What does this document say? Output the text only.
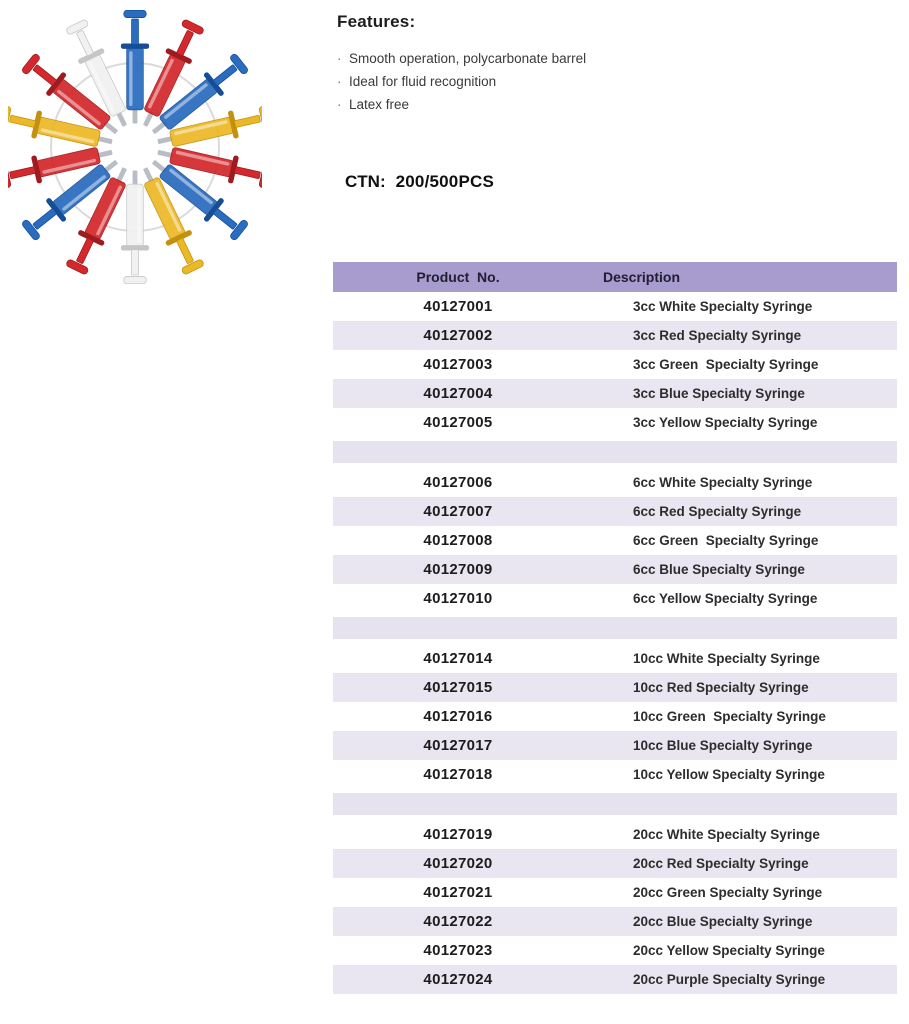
Features:
· Smooth operation, polycarbonate barrel
· Ideal for fluid recognition
· Latex free
CTN: 200/500PCS
Product  No.	Description
40127001	3cc White Specialty Syringe
40127002	3cc Red Specialty Syringe
40127003	3cc Green  Specialty Syringe
40127004	3cc Blue Specialty Syringe
40127005	3cc Yellow Specialty Syringe
40127006	6cc White Specialty Syringe
40127007	6cc Red Specialty Syringe
40127008	6cc Green  Specialty Syringe
40127009	6cc Blue Specialty Syringe
40127010	6cc Yellow Specialty Syringe
40127014	10cc White Specialty Syringe
40127015	10cc Red Specialty Syringe
40127016	10cc Green  Specialty Syringe
40127017	10cc Blue Specialty Syringe
40127018	10cc Yellow Specialty Syringe
40127019	20cc White Specialty Syringe
40127020	20cc Red Specialty Syringe
40127021	20cc Green Specialty Syringe
40127022	20cc Blue Specialty Syringe
40127023	20cc Yellow Specialty Syringe
40127024	20cc Purple Specialty Syringe
